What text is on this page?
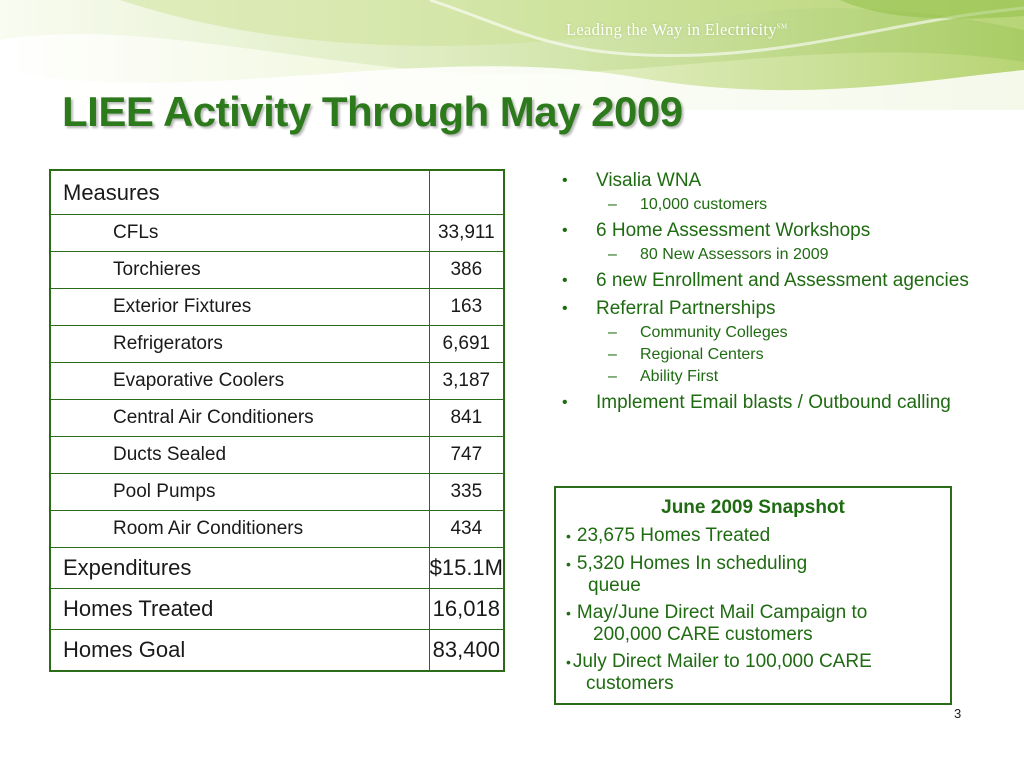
Leading the Way in Electricity℠
LIEE Activity Through May 2009
Measures	
CFLs	33,911
Torchieres	386
Exterior Fixtures	163
Refrigerators	6,691
Evaporative Coolers	3,187
Central Air Conditioners	841
Ducts Sealed	747
Pool Pumps	335
Room Air Conditioners	434
Expenditures	$15.1M
Homes Treated	16,018
Homes Goal	83,400
• Visalia WNA
– 10,000 customers
• 6 Home Assessment Workshops
– 80 New Assessors in 2009
• 6 new Enrollment and Assessment agencies
• Referral Partnerships
– Community Colleges
– Regional Centers
– Ability First
• Implement Email blasts / Outbound calling
June 2009 Snapshot
• 23,675 Homes Treated
• 5,320 Homes In scheduling
queue
• May/June Direct Mail Campaign to
200,000 CARE customers
• July Direct Mailer to 100,000 CARE
customers
3
